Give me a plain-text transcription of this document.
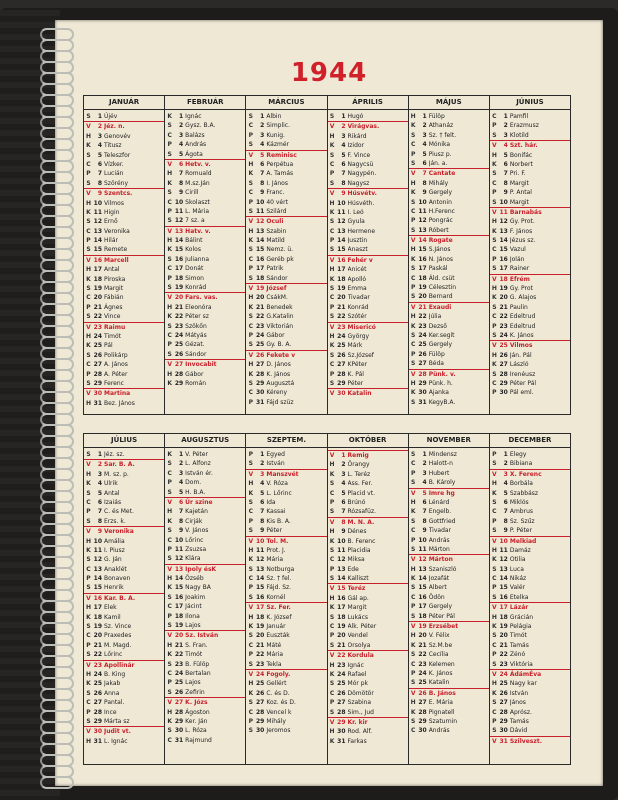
1944
JANUÁR
S	1 Újév
V	2 Jéz. n.
H	3 Genovév
K	4 Titusz
S	5 Teleszfor
C	6 Vízker.
P	7 Lucián
S	8 Szörény
V	9 Szentcs.
H 10 Vilmos
K 11 Higin
S 12 Ernő
C 13 Veronika
P 14 Hilár
S 15 Remete
V 16 Marcell
H 17 Antal
K 18 Piroska
S 19 Margit
C 20 Fábián
P 21 Ágnes
S 22 Vince
V 23 Raimu
H 24 Timót
K 25 Pál
S 26 Polikárp
C 27 A. János
P 28 A. Péter
S 29 Ferenc
V 30 Martina
H 31 Bez. János
FEBRUÁR
K	1 Ignác
S	2 Gysz. B.A.
C	3 Balázs
P	4 András
S	5 Ágota
V	6 Hetv. v.
H	7 Romuald
K	8 M.sz.Ján
S	9 Cirill
C 10 Skolaszt
P 11 L. Mária
S 12 7 sz. a
V 13 Hatv. v.
H 14 Bálint
K 15 Kolos
S 16 Julianna
C 17 Donát
P 18 Simon
S 19 Konrád
V 20 Fars. vas.
H 21 Eleonóra
K 22 Péter sz
S 23 Szökőn
C 24 Mátyás
P 25 Gézat.
S 26 Sándor
V 27 Invocabit
H 28 Gábor
K 29 Román
MÁRCIUS
S	1 Albin
C	2 Simplic.
P	3 Kunig.
S	4 Kázmér
V	5 Reminisc
H	6 Perpétua
K	7 A. Tamás
S	8 I. János
C	9 Franc.
P 10 40 vért
S 11 Szilárd
V 12 Oculi
H 13 Szabin
K 14 Matild
S 15 Nemz. ü.
C 16 Geréb pk
P 17 Patrik
S 18 Sándor
V 19 József
H 20 CsákM.
K 21 Benedek
S 22 G.Katalin
C 23 Viktorián
P 24 Gábor
S 25 Gy. B. A.
V 26 Fekete v
H 27 D. János
K 28 K. János
S 29 Augusztá
C 30 Kéreny
P 31 Fájd szüz
ÁPRILIS
S	1 Hugó
V	2 Virágvas.
H	3 Rikárd
K	4 Izidor
S	5 F. Vince
C	6 Nagycsü
P	7 Nagypén.
S	8 Nagysz
V	9 Húsvétv.
H 10 Húsvéth.
K 11 I. Leó
S 12 Gyula
C 13 Hermene
P 14 Jusztin
S 15 Anaszt
V 16 Fehér v
H 17 Anicét
K 18 Apolló
S 19 Emma
C 20 Tivadar
P 21 Konrád
S 22 Szótér
V 23 Misericó
H 24 György
K 25 Márk
S 26 Sz.József
C 27 KPéter
P 28 K. Pál
S 29 Péter
V 30 Katalin
MÁJUS
H	1 Fülöp
K	2 Athanáz
S	3 Sz. † felt.
C	4 Mónika
P	5 Piusz p.
S	6 Ján. a.
V	7 Cantate
H	8 Mihály
K	9 Gergely
S 10 Antonin
C 11 H.Ferenc
P 12 Pongrác
S 13 Róbert
V 14 Rogate
H 15 S.János
K 16 N. János
S 17 Paskál
C 18 Áld. csüt
P 19 Célesztin
S 20 Bernard
V 21 Exaudi
H 22 Júlia
K 23 Dezső
S 24 Ker.segít
C 25 Gergely
P 26 Fülöp
S 27 Béda
V 28 Pünk. v.
H 29 Pünk. h.
K 30 Ajanka
S 31 KegyB.A.
JÚNIUS
C	1 Pamfil
P	2 Erazmusz
S	3 Klotild
V	4 Szt. hár.
H	5 Bonifác
K	6 Norbert
S	7 Pri. F.
C	8 Margit
P	9 P. Antal
S 10 Margit
V 11 Barnabás
H 12 Gy. Prot.
K 13 F. János
S 14 Jézus sz.
C 15 Vazul
P 16 Jolán
S 17 Rainer
V 18 Efrém
H 19 Gy. Prot
K 20 G. Alajos
S 21 Paulin
C 22 Edeltrud
P 23 Edeltrud
S 24 K. János
V 25 Vilmos
H 26 Ján. Pál
K 27 László
S 28 Irenéusz
C 29 Péter Pál
P 30 Pál eml.
JÚLIUS
S	1 Jéz. sz.
V	2 Sar. B. A.
H	3 M. sz. p.
K	4 Ulrik
S	5 Antal
C	6 Izaiás
P	7 C. és Met.
S	8 Erzs. k.
V	9 Veronika
H 10 Amália
K 11 I. Piusz
S 12 G. Ján
C 13 Anaklét
P 14 Bonaven
S 15 Henrik
V 16 Kar. B. A.
H 17 Elek
K 18 Kamil
S 19 Sz. Vince
C 20 Praxedes
P 21 M. Magd.
S 22 Lőrinc
V 23 Apollinár
H 24 B. King
K 25 Jakab
S 26 Anna
C 27 Pantal.
P 28 Ince
S 29 Márta sz
V 30 Judit vt.
H 31 L. Ignác
AUGUSZTUS
K	1 V. Péter
S	2 L. Alfonz
C	3 István ér.
P	4 Dom.
S	5 H. B.A.
V	6 Úr szine
H	7 Kajetán
K	8 Cirják
S	9 V. János
C 10 Lőrinc
P 11 Zsuzsa
S 12 Klára
V 13 Ipoly ésK
H 14 Özséb
K 15 Nagy BA
S 16 Joakim
C 17 Jácint
P 18 Ilona
S 19 Lajos
V 20 Sz. István
H 21 S. Fran.
K 22 Timót
S 23 B. Fülöp
C 24 Bertalan
P 25 Lajos
S 26 Zefirin
V 27 K. Józs
H 28 Ágoston
K 29 Ker. Ján
S 30 L. Róza
C 31 Rajmund
SZEPTEM.
P	1 Egyed
S	2 István
V	3 Manszvét
H	4 V. Róza
K	5 L. Lőrinc
S	6 Ida
C	7 Kassai
P	8 Kis B. A.
S	9 Péter
V 10 Tol. M.
H 11 Prot. J.
K 12 Mária
S 13 Notburga
C 14 Sz. † fel.
P 15 Fájd. Sz.
S 16 Kornél
V 17 Sz. Fer.
H 18 K. József
K 19 Január
S 20 Euszták
C 21 Máté
P 22 Mária
S 23 Tekla
V 24 Fogoly.
H 25 Gellért
K 26 C. és D.
S 27 Koz. és D.
C 28 Vencel k
P 29 Mihály
S 30 Jeromos
OKTÓBER
V	1 Remig
H	2 Őrangy
K	3 L. Teréz
S	4 Ass. Fer.
C	5 Placid vt.
P	6 Brúnó
S	7 Rózsafüz.
V	8 M. N. A.
H	9 Dénes
K 10 B. Ferenc
S 11 Placidia
C 12 Miksa
P 13 Ede
S 14 Kalliszt
V 15 Teréz
H 16 Gál ap.
K 17 Margit
S 18 Lukács
C 19 Alk. Péter
P 20 Vendel
S 21 Orsolya
V 22 Kordula
H 23 Ignác
K 24 Rafael
S 25 Mór pk
C 26 Dömötör
P 27 Szabina
S 28 Sim., Jud
V 29 Kr. kir
H 30 Rod. Alf.
K 31 Farkas
NOVEMBER
S	1 Mindensz
C	2 Halott-n
P	3 Hubert
S	4 B. Károly
V	5 Imre hg
H	6 Lénárd
K	7 Engelb.
S	8 Gottfried
C	9 Tivadar
P 10 András
S 11 Márton
V 12 Márton
H 13 Szaniszló
K 14 Jozafát
S 15 Albert
C 16 Ödön
P 17 Gergely
S 18 Péter Pál
V 19 Erzsébet
H 20 V. Félix
K 21 Sz.M.be
S 22 Cecília
C 23 Kelemen
P 24 K. János
S 25 Katalin
V 26 B. János
H 27 E. Mária
K 28 Pignatell
S 29 Szaturnin
C 30 András
DECEMBER
P	1 Elegy
S	2 Bibiana
V	3 X. Ferenc
H	4 Borbála
K	5 Szabbász
S	6 Miklós
C	7 Ambrus
P	8 Sz. Szűz
S	9 P. Péter
V 10 Melkiad
H 11 Damáz
K 12 Otilia
S 13 Luca
C 14 Nikáz
P 15 Valér
S 16 Etelka
V 17 Lázár
H 18 Grácián
K 19 Pelágia
S 20 Timót
C 21 Tamás
P 22 Zénó
S 23 Viktória
V 24 ÁdámÉva
H 25 Nagy kar
K 26 István
S 27 János
C 28 Aprósz.
P 29 Tamás
S 30 Dávid
V 31 Szilveszt.
